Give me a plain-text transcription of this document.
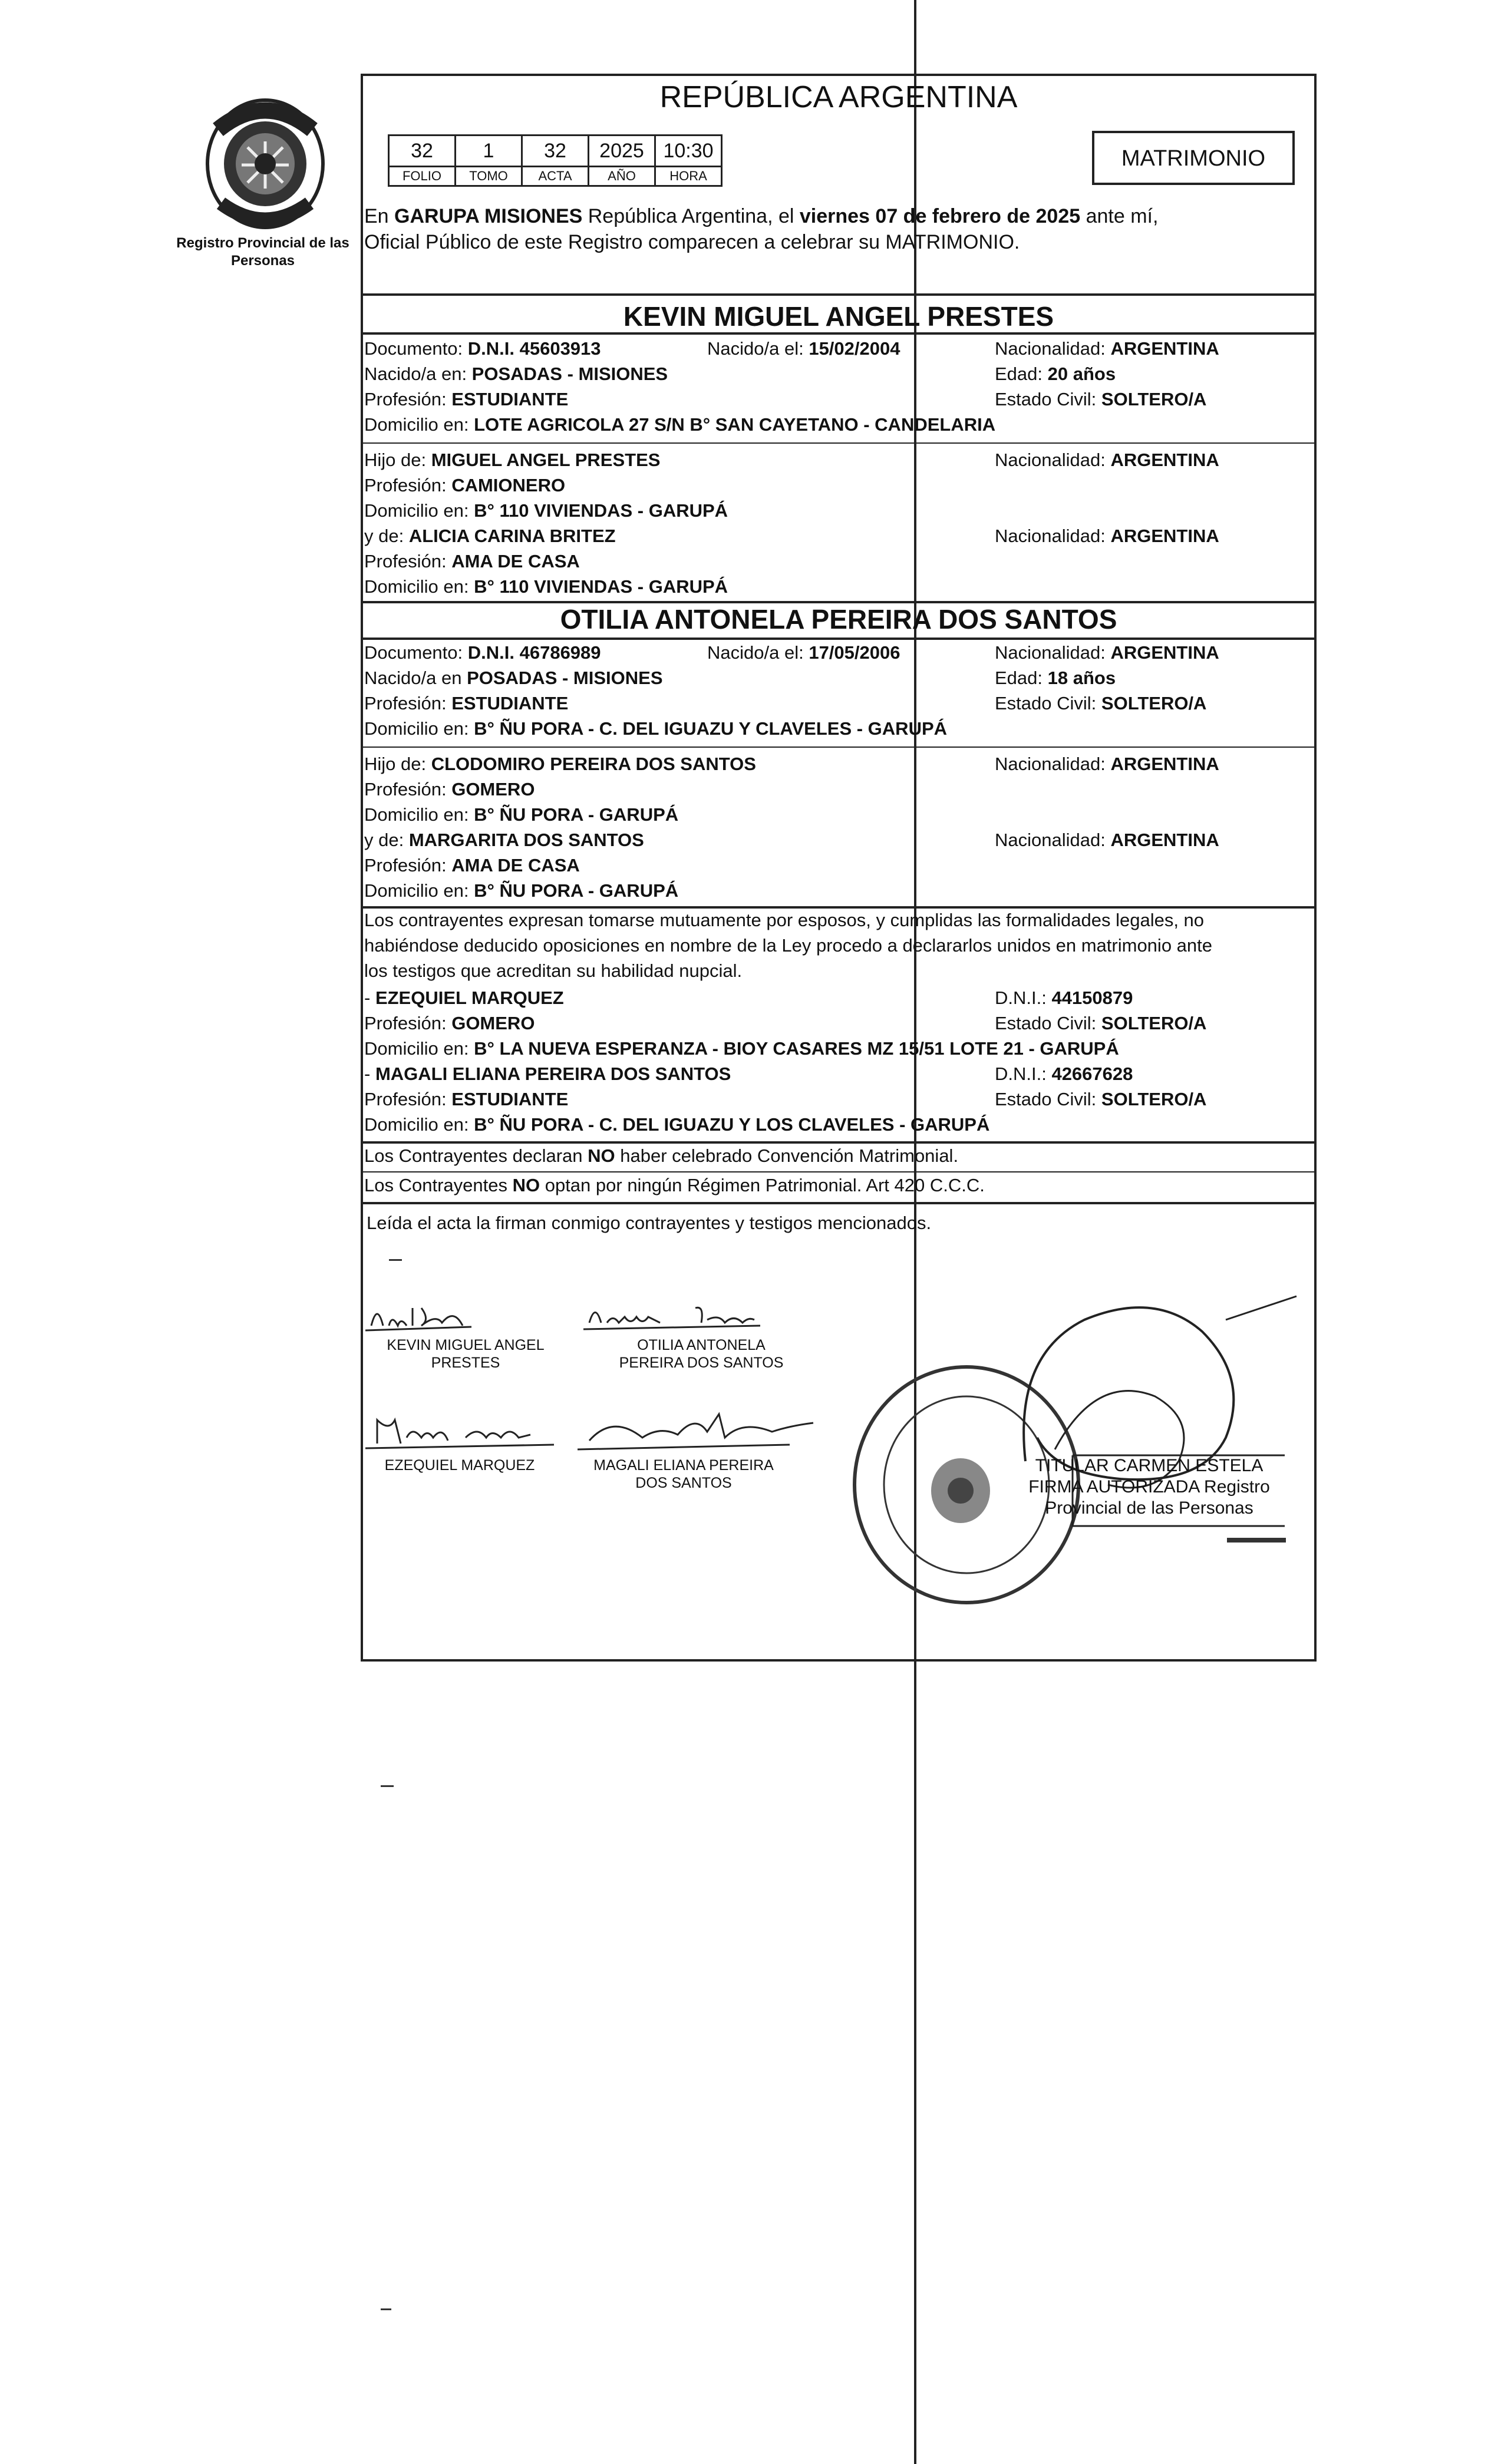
Registro Provincial de las Personas
REPÚBLICA ARGENTINA
32	1	32	2025	10:30
FOLIO	TOMO	ACTA	AÑO	HORA
MATRIMONIO
En GARUPA MISIONES República Argentina, el viernes 07 de febrero de 2025 ante mí,
Oficial Público de este Registro comparecen a celebrar su MATRIMONIO.
KEVIN MIGUEL ANGEL PRESTES
Documento: D.N.I. 45603913	Nacido/a el: 15/02/2004	Nacionalidad: ARGENTINA
Nacido/a en: POSADAS - MISIONES	Edad: 20 años
Profesión: ESTUDIANTE	Estado Civil: SOLTERO/A
Domicilio en: LOTE AGRICOLA 27 S/N B° SAN CAYETANO - CANDELARIA
Hijo de: MIGUEL ANGEL PRESTES	Nacionalidad: ARGENTINA
Profesión: CAMIONERO
Domicilio en: B° 110 VIVIENDAS - GARUPÁ
y de: ALICIA CARINA BRITEZ	Nacionalidad: ARGENTINA
Profesión: AMA DE CASA
Domicilio en: B° 110 VIVIENDAS - GARUPÁ
OTILIA ANTONELA PEREIRA DOS SANTOS
Documento: D.N.I. 46786989	Nacido/a el: 17/05/2006	Nacionalidad: ARGENTINA
Nacido/a en POSADAS - MISIONES	Edad: 18 años
Profesión: ESTUDIANTE	Estado Civil: SOLTERO/A
Domicilio en: B° ÑU PORA - C. DEL IGUAZU Y CLAVELES - GARUPÁ
Hijo de: CLODOMIRO PEREIRA DOS SANTOS	Nacionalidad: ARGENTINA
Profesión: GOMERO
Domicilio en: B° ÑU PORA - GARUPÁ
y de: MARGARITA DOS SANTOS	Nacionalidad: ARGENTINA
Profesión: AMA DE CASA
Domicilio en: B° ÑU PORA - GARUPÁ
Los contrayentes expresan tomarse mutuamente por esposos, y cumplidas las formalidades legales, no
habiéndose deducido oposiciones en nombre de la Ley procedo a declararlos unidos en matrimonio ante
los testigos que acreditan su habilidad nupcial.
- EZEQUIEL MARQUEZ	D.N.I.: 44150879
Profesión: GOMERO	Estado Civil: SOLTERO/A
Domicilio en: B° LA NUEVA ESPERANZA - BIOY CASARES MZ 15/51 LOTE 21 - GARUPÁ
- MAGALI ELIANA PEREIRA DOS SANTOS	D.N.I.: 42667628
Profesión: ESTUDIANTE	Estado Civil: SOLTERO/A
Domicilio en: B° ÑU PORA - C. DEL IGUAZU Y LOS CLAVELES - GARUPÁ
Los Contrayentes declaran NO haber celebrado Convención Matrimonial.
Los Contrayentes NO optan por ningún Régimen Patrimonial. Art 420 C.C.C.
Leída el acta la firman conmigo contrayentes y testigos mencionados.
KEVIN MIGUEL ANGEL
PRESTES
OTILIA ANTONELA
PEREIRA DOS SANTOS
EZEQUIEL MARQUEZ	MAGALI ELIANA PEREIRA
DOS SANTOS
TITULAR CARMEN ESTELA FIRMA AUTORIZADA Registro Provincial de las Personas
